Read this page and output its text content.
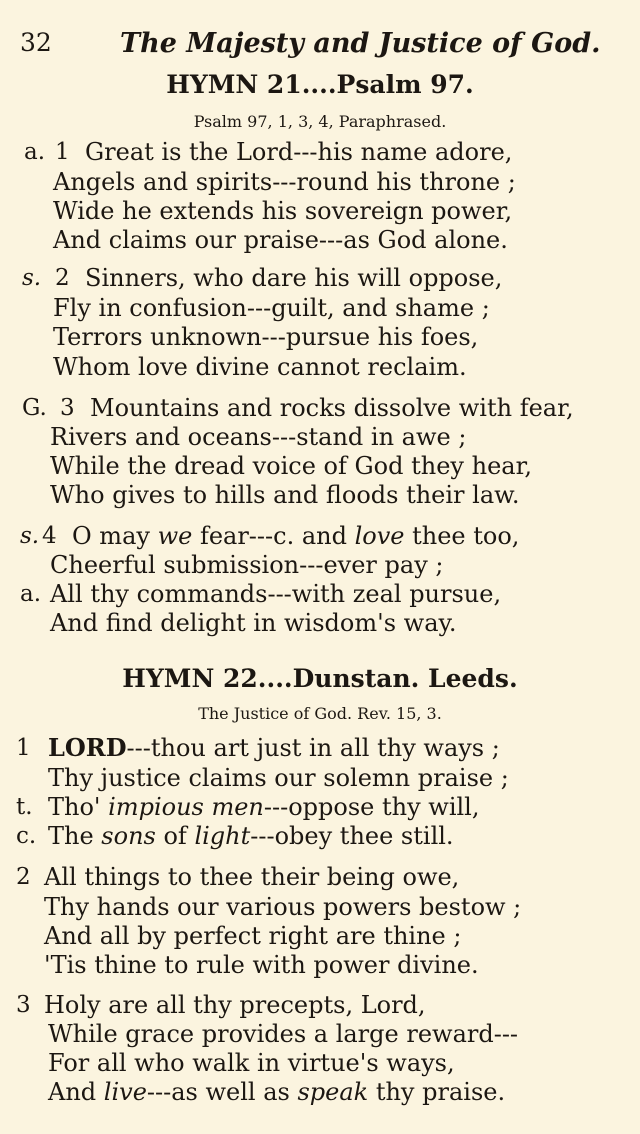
32	The Majesty and Justice of God.
HYMN 21....Psalm 97.
Psalm 97, 1, 3, 4, Paraphrased.
a. 1 Great is the Lord---his name adore,
Angels and spirits---round his throne ;
Wide he extends his sovereign power,
And claims our praise---as God alone.
s. 2 Sinners, who dare his will oppose,
Fly in confusion---guilt, and shame ;
Terrors unknown---pursue his foes,
Whom love divine cannot reclaim.
G. 3 Mountains and rocks dissolve with fear,
Rivers and oceans---stand in awe ;
While the dread voice of God they hear,
Who gives to hills and floods their law.
s. 4 O may we fear---c. and love thee too,
Cheerful submission---ever pay ;
a. All thy commands---with zeal pursue,
And find delight in wisdom's way.
HYMN 22....Dunstan. Leeds.
The Justice of God. Rev. 15, 3.
1 LORD---thou art just in all thy ways ;
Thy justice claims our solemn praise ;
t. Tho' impious men---oppose thy will,
c. The sons of light---obey thee still.
2 All things to thee their being owe,
Thy hands our various powers bestow ;
And all by perfect right are thine ;
'Tis thine to rule with power divine.
3 Holy are all thy precepts, Lord,
While grace provides a large reward---
For all who walk in virtue's ways,
And live---as well as speak thy praise.
